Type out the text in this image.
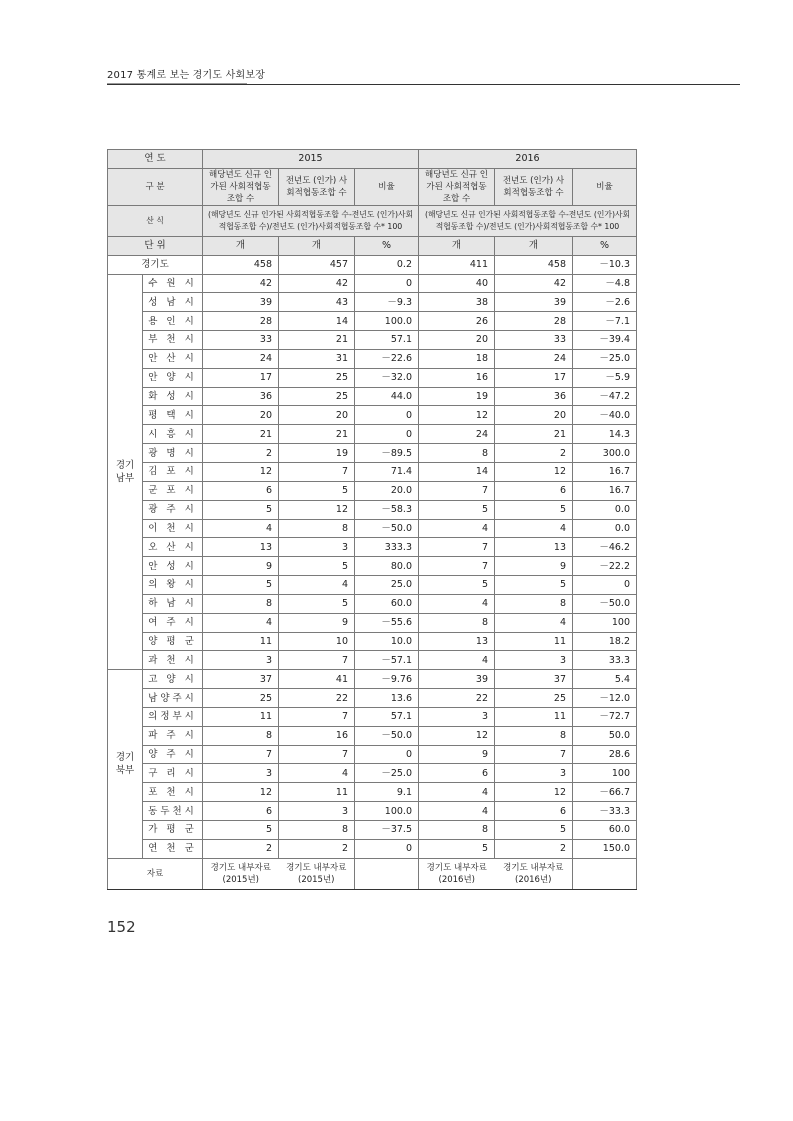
2017 통계로 보는 경기도 사회보장
연 도		2015			2016		
구 분		해당년도 신규 인가된 사회적협동조합 수	전년도 (인가) 사회적협동조합 수	비율	해당년도 신규 인가된 사회적협동조합 수	전년도 (인가) 사회적협동조합 수	비율
산 식		(해당년도 신규 인가된 사회적협동조합 수-전년도 (인가)사회적협동조합 수)/전년도 (인가)사회적협동조합 수* 100			(해당년도 신규 인가된 사회적협동조합 수-전년도 (인가)사회적협동조합 수)/전년도 (인가)사회적협동조합 수* 100		
단 위		개	개	%	개	개	%
경기도		458	457	0.2	411	458	－10.3
경기 남부	수 원 시	42	42	0	40	42	－4.8
	성 남 시	39	43	－9.3	38	39	－2.6
	용 인 시	28	14	100.0	26	28	－7.1
	부 천 시	33	21	57.1	20	33	－39.4
	안 산 시	24	31	－22.6	18	24	－25.0
	안 양 시	17	25	－32.0	16	17	－5.9
	화 성 시	36	25	44.0	19	36	－47.2
	평 택 시	20	20	0	12	20	－40.0
	시 흥 시	21	21	0	24	21	14.3
	광 명 시	2	19	－89.5	8	2	300.0
	김 포 시	12	7	71.4	14	12	16.7
	군 포 시	6	5	20.0	7	6	16.7
	광 주 시	5	12	－58.3	5	5	0.0
	이 천 시	4	8	－50.0	4	4	0.0
	오 산 시	13	3	333.3	7	13	－46.2
	안 성 시	9	5	80.0	7	9	－22.2
	의 왕 시	5	4	25.0	5	5	0
	하 남 시	8	5	60.0	4	8	－50.0
	여 주 시	4	9	－55.6	8	4	100
	양 평 군	11	10	10.0	13	11	18.2
	과 천 시	3	7	－57.1	4	3	33.3
경기 북부	고 양 시	37	41	－9.76	39	37	5.4
	남양주시	25	22	13.6	22	25	－12.0
	의정부시	11	7	57.1	3	11	－72.7
	파 주 시	8	16	－50.0	12	8	50.0
	양 주 시	7	7	0	9	7	28.6
	구 리 시	3	4	－25.0	6	3	100
	포 천 시	12	11	9.1	4	12	－66.7
	동두천시	6	3	100.0	4	6	－33.3
	가 평 군	5	8	－37.5	8	5	60.0
	연 천 군	2	2	0	5	2	150.0
자료		경기도 내부자료 (2015년)	경기도 내부자료 (2015년)		경기도 내부자료 (2016년)	경기도 내부자료 (2016년)	
152
